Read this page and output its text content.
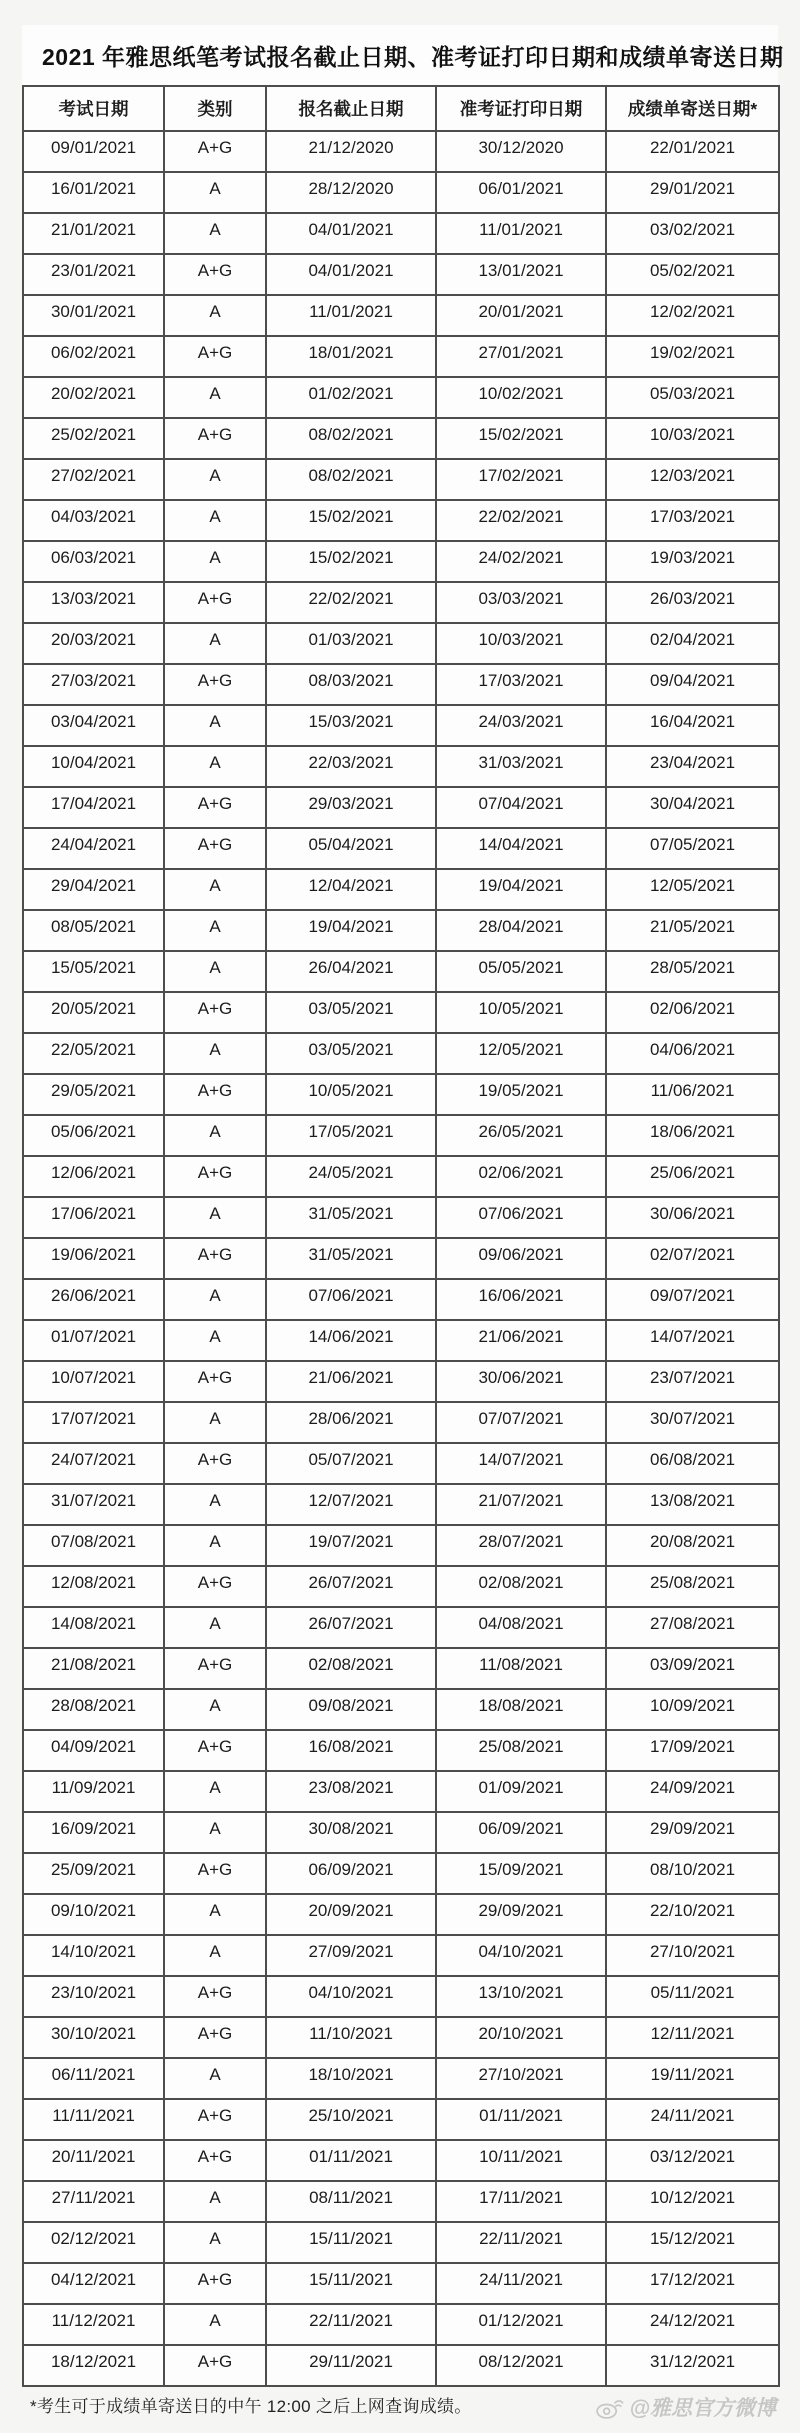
2021 年雅思纸笔考试报名截止日期、准考证打印日期和成绩单寄送日期
考试日期	类别	报名截止日期	准考证打印日期	成绩单寄送日期*
09/01/2021	A+G	21/12/2020	30/12/2020	22/01/2021
16/01/2021	A	28/12/2020	06/01/2021	29/01/2021
21/01/2021	A	04/01/2021	11/01/2021	03/02/2021
23/01/2021	A+G	04/01/2021	13/01/2021	05/02/2021
30/01/2021	A	11/01/2021	20/01/2021	12/02/2021
06/02/2021	A+G	18/01/2021	27/01/2021	19/02/2021
20/02/2021	A	01/02/2021	10/02/2021	05/03/2021
25/02/2021	A+G	08/02/2021	15/02/2021	10/03/2021
27/02/2021	A	08/02/2021	17/02/2021	12/03/2021
04/03/2021	A	15/02/2021	22/02/2021	17/03/2021
06/03/2021	A	15/02/2021	24/02/2021	19/03/2021
13/03/2021	A+G	22/02/2021	03/03/2021	26/03/2021
20/03/2021	A	01/03/2021	10/03/2021	02/04/2021
27/03/2021	A+G	08/03/2021	17/03/2021	09/04/2021
03/04/2021	A	15/03/2021	24/03/2021	16/04/2021
10/04/2021	A	22/03/2021	31/03/2021	23/04/2021
17/04/2021	A+G	29/03/2021	07/04/2021	30/04/2021
24/04/2021	A+G	05/04/2021	14/04/2021	07/05/2021
29/04/2021	A	12/04/2021	19/04/2021	12/05/2021
08/05/2021	A	19/04/2021	28/04/2021	21/05/2021
15/05/2021	A	26/04/2021	05/05/2021	28/05/2021
20/05/2021	A+G	03/05/2021	10/05/2021	02/06/2021
22/05/2021	A	03/05/2021	12/05/2021	04/06/2021
29/05/2021	A+G	10/05/2021	19/05/2021	11/06/2021
05/06/2021	A	17/05/2021	26/05/2021	18/06/2021
12/06/2021	A+G	24/05/2021	02/06/2021	25/06/2021
17/06/2021	A	31/05/2021	07/06/2021	30/06/2021
19/06/2021	A+G	31/05/2021	09/06/2021	02/07/2021
26/06/2021	A	07/06/2021	16/06/2021	09/07/2021
01/07/2021	A	14/06/2021	21/06/2021	14/07/2021
10/07/2021	A+G	21/06/2021	30/06/2021	23/07/2021
17/07/2021	A	28/06/2021	07/07/2021	30/07/2021
24/07/2021	A+G	05/07/2021	14/07/2021	06/08/2021
31/07/2021	A	12/07/2021	21/07/2021	13/08/2021
07/08/2021	A	19/07/2021	28/07/2021	20/08/2021
12/08/2021	A+G	26/07/2021	02/08/2021	25/08/2021
14/08/2021	A	26/07/2021	04/08/2021	27/08/2021
21/08/2021	A+G	02/08/2021	11/08/2021	03/09/2021
28/08/2021	A	09/08/2021	18/08/2021	10/09/2021
04/09/2021	A+G	16/08/2021	25/08/2021	17/09/2021
11/09/2021	A	23/08/2021	01/09/2021	24/09/2021
16/09/2021	A	30/08/2021	06/09/2021	29/09/2021
25/09/2021	A+G	06/09/2021	15/09/2021	08/10/2021
09/10/2021	A	20/09/2021	29/09/2021	22/10/2021
14/10/2021	A	27/09/2021	04/10/2021	27/10/2021
23/10/2021	A+G	04/10/2021	13/10/2021	05/11/2021
30/10/2021	A+G	11/10/2021	20/10/2021	12/11/2021
06/11/2021	A	18/10/2021	27/10/2021	19/11/2021
11/11/2021	A+G	25/10/2021	01/11/2021	24/11/2021
20/11/2021	A+G	01/11/2021	10/11/2021	03/12/2021
27/11/2021	A	08/11/2021	17/11/2021	10/12/2021
02/12/2021	A	15/11/2021	22/11/2021	15/12/2021
04/12/2021	A+G	15/11/2021	24/11/2021	17/12/2021
11/12/2021	A	22/11/2021	01/12/2021	24/12/2021
18/12/2021	A+G	29/11/2021	08/12/2021	31/12/2021
*考生可于成绩单寄送日的中午 12:00 之后上网查询成绩。	@雅思官方微博
